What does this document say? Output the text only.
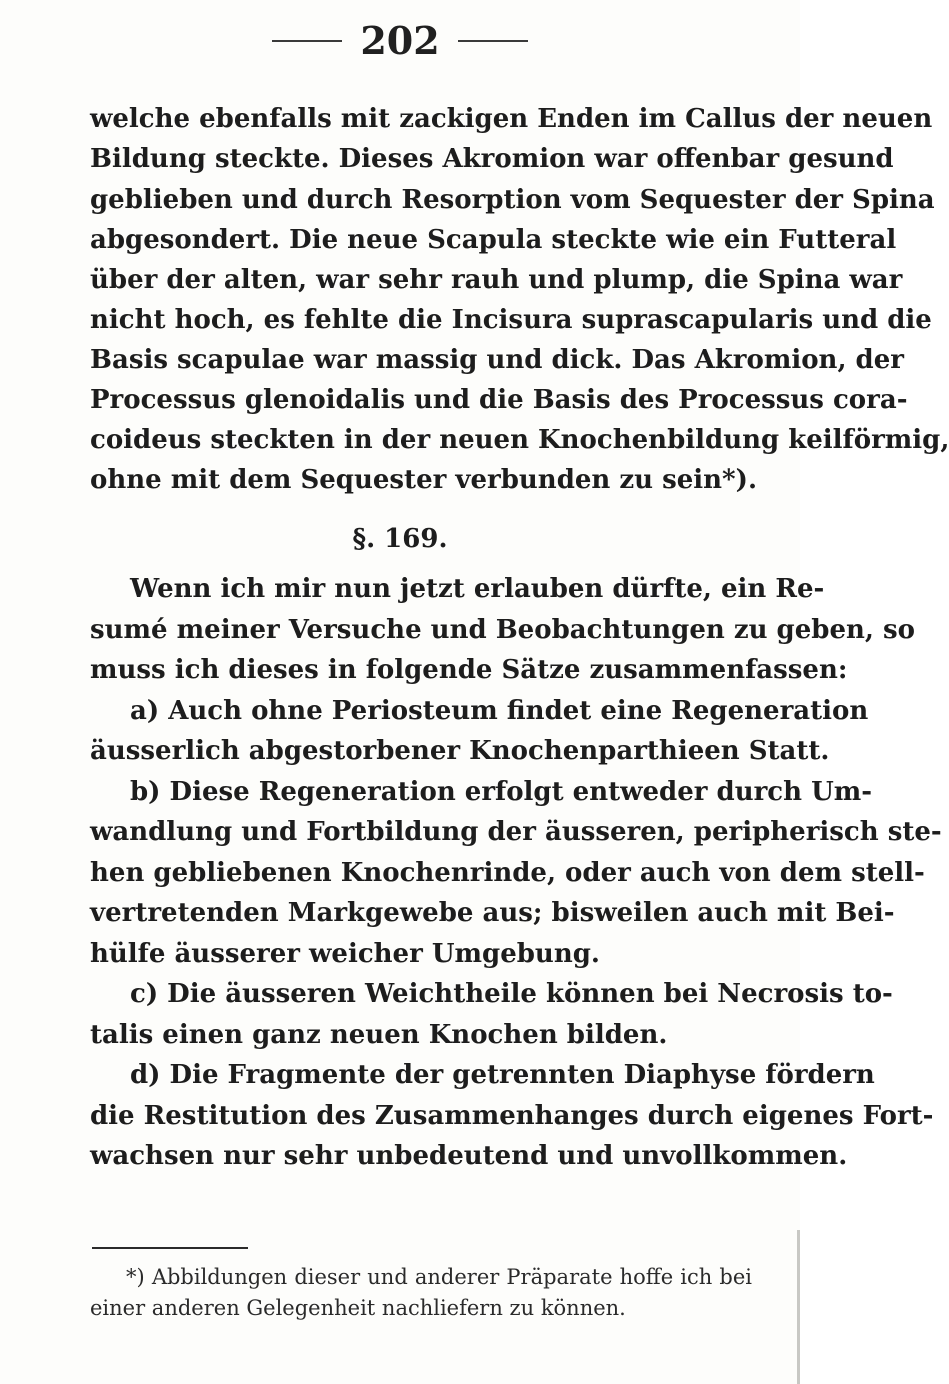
202
welche ebenfalls mit zackigen Enden im Callus der neuen
Bildung steckte. Dieses Akromion war offenbar gesund
geblieben und durch Resorption vom Sequester der Spina
abgesondert. Die neue Scapula steckte wie ein Futteral
über der alten, war sehr rauh und plump, die Spina war
nicht hoch, es fehlte die Incisura suprascapularis und die
Basis scapulae war massig und dick. Das Akromion, der
Processus glenoidalis und die Basis des Processus cora-
coideus steckten in der neuen Knochenbildung keilförmig,
ohne mit dem Sequester verbunden zu sein*).
§. 169.
Wenn ich mir nun jetzt erlauben dürfte, ein Re-
sumé meiner Versuche und Beobachtungen zu geben, so
muss ich dieses in folgende Sätze zusammenfassen:
a) Auch ohne Periosteum findet eine Regeneration
äusserlich abgestorbener Knochenparthieen Statt.
b) Diese Regeneration erfolgt entweder durch Um-
wandlung und Fortbildung der äusseren, peripherisch ste-
hen gebliebenen Knochenrinde, oder auch von dem stell-
vertretenden Markgewebe aus; bisweilen auch mit Bei-
hülfe äusserer weicher Umgebung.
c) Die äusseren Weichtheile können bei Necrosis to-
talis einen ganz neuen Knochen bilden.
d) Die Fragmente der getrennten Diaphyse fördern
die Restitution des Zusammenhanges durch eigenes Fort-
wachsen nur sehr unbedeutend und unvollkommen.
*) Abbildungen dieser und anderer Präparate hoffe ich bei
einer anderen Gelegenheit nachliefern zu können.
